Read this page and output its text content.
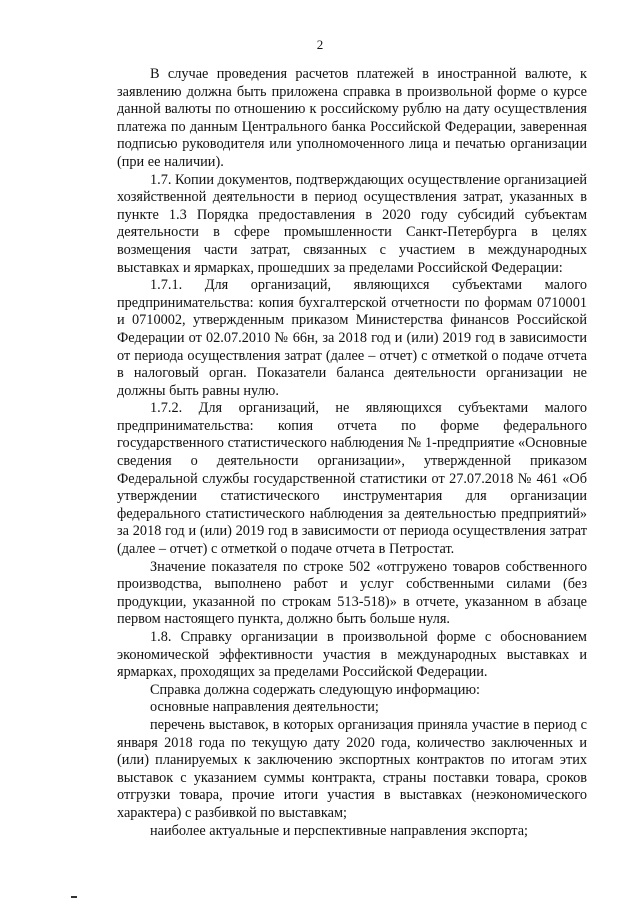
2

В случае проведения расчетов платежей в иностранной валюте, к заявлению должна быть приложена справка в произвольной форме о курсе данной валюты по отношению к российскому рублю на дату осуществления платежа по данным Центрального банка Российской Федерации, заверенная подписью руководителя или уполномоченного лица и печатью организации (при ее наличии).

1.7. Копии документов, подтверждающих осуществление организацией хозяйственной деятельности в период осуществления затрат, указанных в пункте 1.3 Порядка предоставления в 2020 году субсидий субъектам деятельности в сфере промышленности Санкт-Петербурга в целях возмещения части затрат, связанных с участием в международных выставках и ярмарках, прошедших за пределами Российской Федерации:

1.7.1. Для организаций, являющихся субъектами малого предпринимательства: копия бухгалтерской отчетности по формам 0710001 и 0710002, утвержденным приказом Министерства финансов Российской Федерации от 02.07.2010 № 66н, за 2018 год и (или) 2019 год в зависимости от периода осуществления затрат (далее – отчет) с отметкой о подаче отчета в налоговый орган. Показатели баланса деятельности организации не должны быть равны нулю.

1.7.2. Для организаций, не являющихся субъектами малого предпринимательства: копия отчета по форме федерального государственного статистического наблюдения № 1-предприятие «Основные сведения о деятельности организации», утвержденной приказом Федеральной службы государственной статистики от 27.07.2018 № 461 «Об утверждении статистического инструментария для организации федерального статистического наблюдения за деятельностью предприятий» за 2018 год и (или) 2019 год в зависимости от периода осуществления затрат (далее – отчет) с отметкой о подаче отчета в Петростат.

Значение показателя по строке 502 «отгружено товаров собственного производства, выполнено работ и услуг собственными силами (без продукции, указанной по строкам 513-518)» в отчете, указанном в абзаце первом настоящего пункта, должно быть больше нуля.

1.8. Справку организации в произвольной форме с обоснованием экономической эффективности участия в международных выставках и ярмарках, проходящих за пределами Российской Федерации.

Справка должна содержать следующую информацию:

основные направления деятельности;

перечень выставок, в которых организация приняла участие в период с января 2018 года по текущую дату 2020 года, количество заключенных и (или) планируемых к заключению экспортных контрактов по итогам этих выставок с указанием суммы контракта, страны поставки товара, сроков отгрузки товара, прочие итоги участия в выставках (неэкономического характера) с разбивкой по выставкам;

наиболее актуальные и перспективные направления экспорта;
